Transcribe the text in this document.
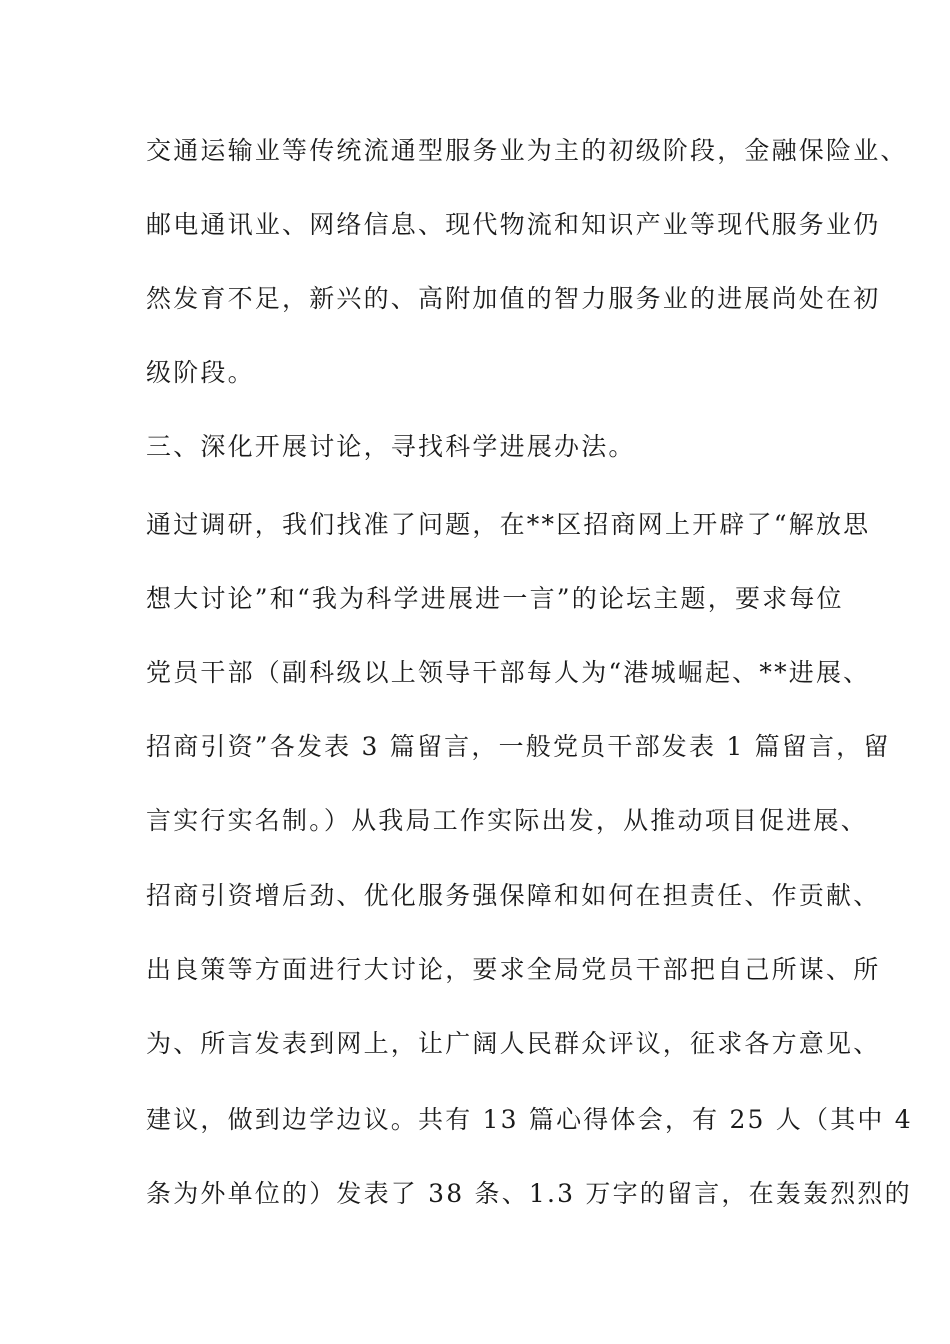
交通运输业等传统流通型服务业为主的初级阶段，金融保险业、
邮电通讯业、网络信息、现代物流和知识产业等现代服务业仍
然发育不足，新兴的、高附加值的智力服务业的进展尚处在初
级阶段。
三、深化开展讨论，寻找科学进展办法。
通过调研，我们找准了问题，在**区招商网上开辟了“解放思
想大讨论”和“我为科学进展进一言”的论坛主题，要求每位
党员干部（副科级以上领导干部每人为“港城崛起、**进展、
招商引资”各发表 3 篇留言，一般党员干部发表 1 篇留言，留
言实行实名制。）从我局工作实际出发，从推动项目促进展、
招商引资增后劲、优化服务强保障和如何在担责任、作贡献、
出良策等方面进行大讨论，要求全局党员干部把自己所谋、所
为、所言发表到网上，让广阔人民群众评议，征求各方意见、
建议，做到边学边议。共有 13 篇心得体会，有 25 人（其中 4
条为外单位的）发表了 38 条、1.3 万字的留言，在轰轰烈烈的
